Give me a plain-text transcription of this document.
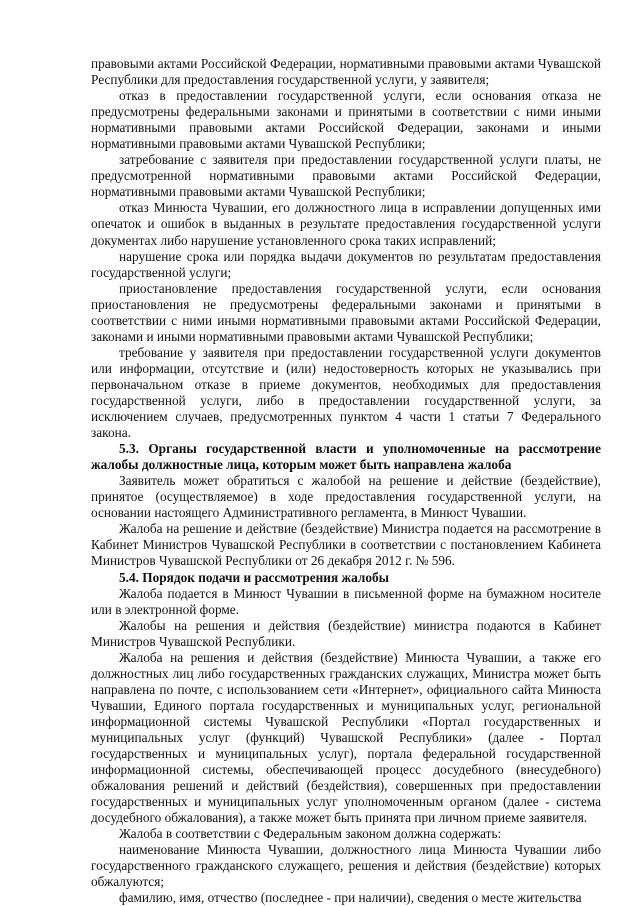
правовыми актами Российской Федерации, нормативными правовыми актами Чувашской Республики для предоставления государственной услуги, у заявителя;

отказ в предоставлении государственной услуги, если основания отказа не предусмотрены федеральными законами и принятыми в соответствии с ними иными нормативными правовыми актами Российской Федерации, законами и иными нормативными правовыми актами Чувашской Республики;

затребование с заявителя при предоставлении государственной услуги платы, не предусмотренной нормативными правовыми актами Российской Федерации, нормативными правовыми актами Чувашской Республики;

отказ Минюста Чувашии, его должностного лица в исправлении допущенных ими опечаток и ошибок в выданных в результате предоставления государственной услуги документах либо нарушение установленного срока таких исправлений;

нарушение срока или порядка выдачи документов по результатам предоставления государственной услуги;

приостановление предоставления государственной услуги, если основания приостановления не предусмотрены федеральными законами и принятыми в соответствии с ними иными нормативными правовыми актами Российской Федерации, законами и иными нормативными правовыми актами Чувашской Республики;

требование у заявителя при предоставлении государственной услуги документов или информации, отсутствие и (или) недостоверность которых не указывались при первоначальном отказе в приеме документов, необходимых для предоставления государственной услуги, либо в предоставлении государственной услуги, за исключением случаев, предусмотренных пунктом 4 части 1 статьи 7 Федерального закона.

5.3. Органы государственной власти и уполномоченные на рассмотрение жалобы должностные лица, которым может быть направлена жалоба

Заявитель может обратиться с жалобой на решение и действие (бездействие), принятое (осуществляемое) в ходе предоставления государственной услуги, на основании настоящего Административного регламента, в Минюст Чувашии.

Жалоба на решение и действие (бездействие) Министра подается на рассмотрение в Кабинет Министров Чувашской Республики в соответствии с постановлением Кабинета Министров Чувашской Республики от 26 декабря 2012 г. № 596.

5.4. Порядок подачи и рассмотрения жалобы

Жалоба подается в Минюст Чувашии в письменной форме на бумажном носителе или в электронной форме.

Жалобы на решения и действия (бездействие) министра подаются в Кабинет Министров Чувашской Республики.

Жалоба на решения и действия (бездействие) Минюста Чувашии, а также его должностных лиц либо государственных гражданских служащих, Министра может быть направлена по почте, с использованием сети «Интернет», официального сайта Минюста Чувашии, Единого портала государственных и муниципальных услуг, региональной информационной системы Чувашской Республики «Портал государственных и муниципальных услуг (функций) Чувашской Республики» (далее - Портал государственных и муниципальных услуг), портала федеральной государственной информационной системы, обеспечивающей процесс досудебного (внесудебного) обжалования решений и действий (бездействия), совершенных при предоставлении государственных и муниципальных услуг уполномоченным органом (далее - система досудебного обжалования), а также может быть принята при личном приеме заявителя.

Жалоба в соответствии с Федеральным законом должна содержать:

наименование Минюста Чувашии, должностного лица Минюста Чувашии либо государственного гражданского служащего, решения и действия (бездействие) которых обжалуются;

фамилию, имя, отчество (последнее - при наличии), сведения о месте жительства
